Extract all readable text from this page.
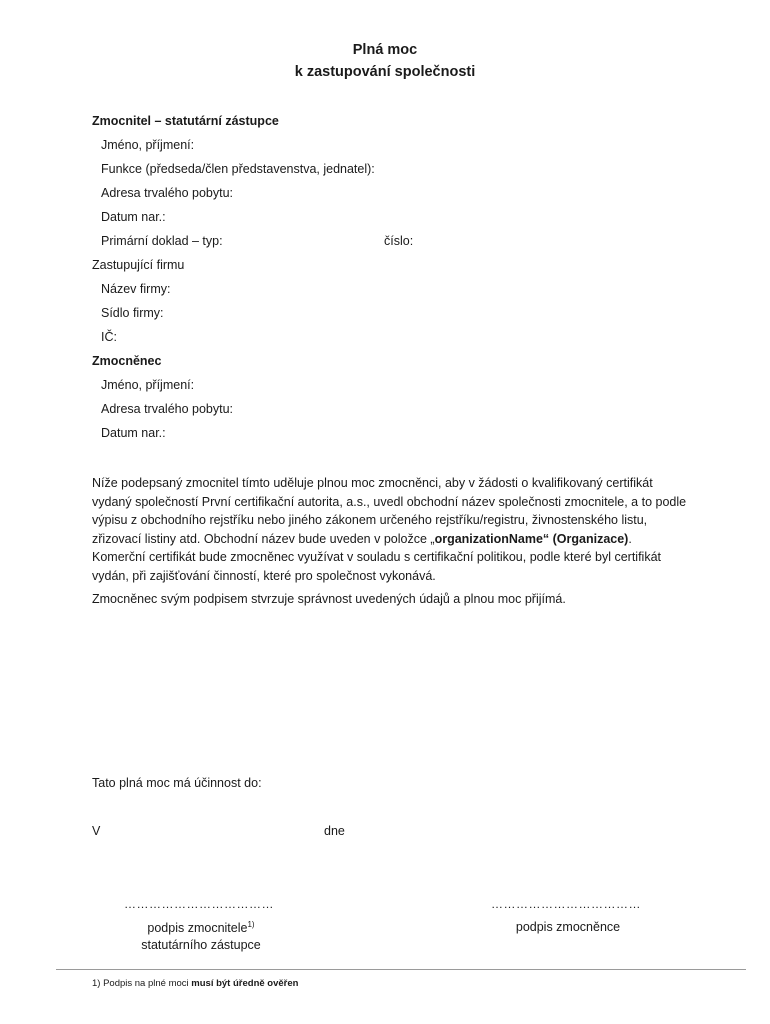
Plná moc
k zastupování společnosti
Zmocnitel – statutární zástupce
Jméno, příjmení:
Funkce (předseda/člen představenstva, jednatel):
Adresa trvalého pobytu:
Datum nar.:
Primární doklad – typ:	číslo:
Zastupující firmu
Název firmy:
Sídlo firmy:
IČ:
Zmocněnec
Jméno, příjmení:
Adresa trvalého pobytu:
Datum nar.:
Níže podepsaný zmocnitel tímto uděluje plnou moc zmocněnci, aby v žádosti o kvalifikovaný certifikát vydaný společností První certifikační autorita, a.s., uvedl obchodní název společnosti zmocnitele, a to podle výpisu z obchodního rejstříku nebo jiného zákonem určeného rejstříku/registru, živnostenského listu, zřizovací listiny atd. Obchodní název bude uveden v položce „organizationName“ (Organizace).
Komerční certifikát bude zmocněnec využívat v souladu s certifikační politikou, podle které byl certifikát vydán, při zajišťování činností, které pro společnost vykonává.
Zmocněnec svým podpisem stvrzuje správnost uvedených údajů a plnou moc přijímá.
Tato plná moc má účinnost do:
V	dne
………………………………	………………………………
podpis zmocnitele$^{1)}$
statutárního zástupce
podpis zmocněnce
1) Podpis na plné moci musí být úředně ověřen
